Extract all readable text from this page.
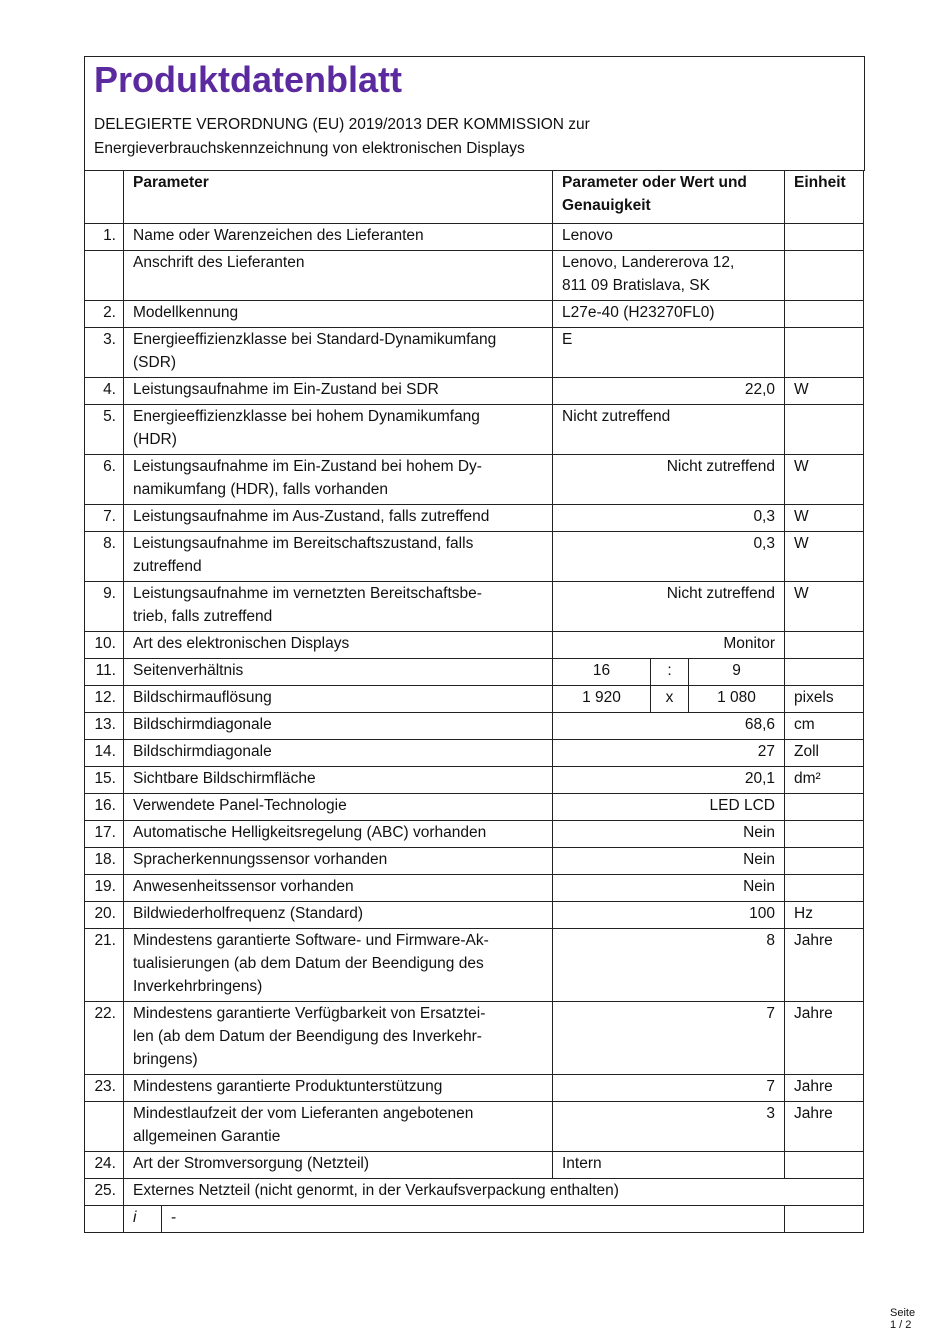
Produktdatenblatt
DELEGIERTE VERORDNUNG (EU) 2019/2013 DER KOMMISSION zur
Energieverbrauchskennzeichnung von elektronischen Displays
	Parameter		Parameter oder Wert und
Genauigkeit			Einheit
1.	Name oder Warenzeichen des Lieferanten		Lenovo			

	Anschrift des Lieferanten		Lenovo, Landererova 12,
811 09 Bratislava, SK			

2.	Modellkennung		L27e-40 (H23270FL0)			

3.	Energieeffizienzklasse bei Standard-Dynamikumfang
(SDR)		E			

4.	Leistungsaufnahme im Ein-Zustand bei SDR		22,0			W
5.	Energieeffizienzklasse bei hohem Dynamikumfang
(HDR)		Nicht zutreffend			

6.	Leistungsaufnahme im Ein-Zustand bei hohem Dy-
namikumfang (HDR), falls vorhanden		Nicht zutreffend			W
7.	Leistungsaufnahme im Aus-Zustand, falls zutreffend		0,3			W
8.	Leistungsaufnahme im Bereitschaftszustand, falls
zutreffend		0,3			W
9.	Leistungsaufnahme im vernetzten Bereitschaftsbe-
trieb, falls zutreffend		Nicht zutreffend			W
10.	Art des elektronischen Displays		Monitor			

11.	Seitenverhältnis		16	:	9	
12.	Bildschirmauflösung		1 920	x	1 080	pixels
13.	Bildschirmdiagonale		68,6			cm
14.	Bildschirmdiagonale		27			Zoll
15.	Sichtbare Bildschirmfläche		20,1			dm²
16.	Verwendete Panel-Technologie		LED LCD			

17.	Automatische Helligkeitsregelung (ABC) vorhanden		Nein			

18.	Spracherkennungssensor vorhanden		Nein			

19.	Anwesenheitssensor vorhanden		Nein			

20.	Bildwiederholfrequenz (Standard)		100			Hz
21.	Mindestens garantierte Software- und Firmware-Ak-
tualisierungen (ab dem Datum der Beendigung des
Inverkehrbringens)		8			Jahre
22.	Mindestens garantierte Verfügbarkeit von Ersatztei-
len (ab dem Datum der Beendigung des Inverkehr-
bringens)		7			Jahre
23.	Mindestens garantierte Produktunterstützung		7			Jahre

	Mindestlaufzeit der vom Lieferanten angebotenen
allgemeinen Garantie		3			Jahre
24.	Art der Stromversorgung (Netzteil)		Intern			

25.	Externes Netzteil (nicht genormt, in der Verkaufsverpackung enthalten)					

	i	-				
Seite 1 / 2
